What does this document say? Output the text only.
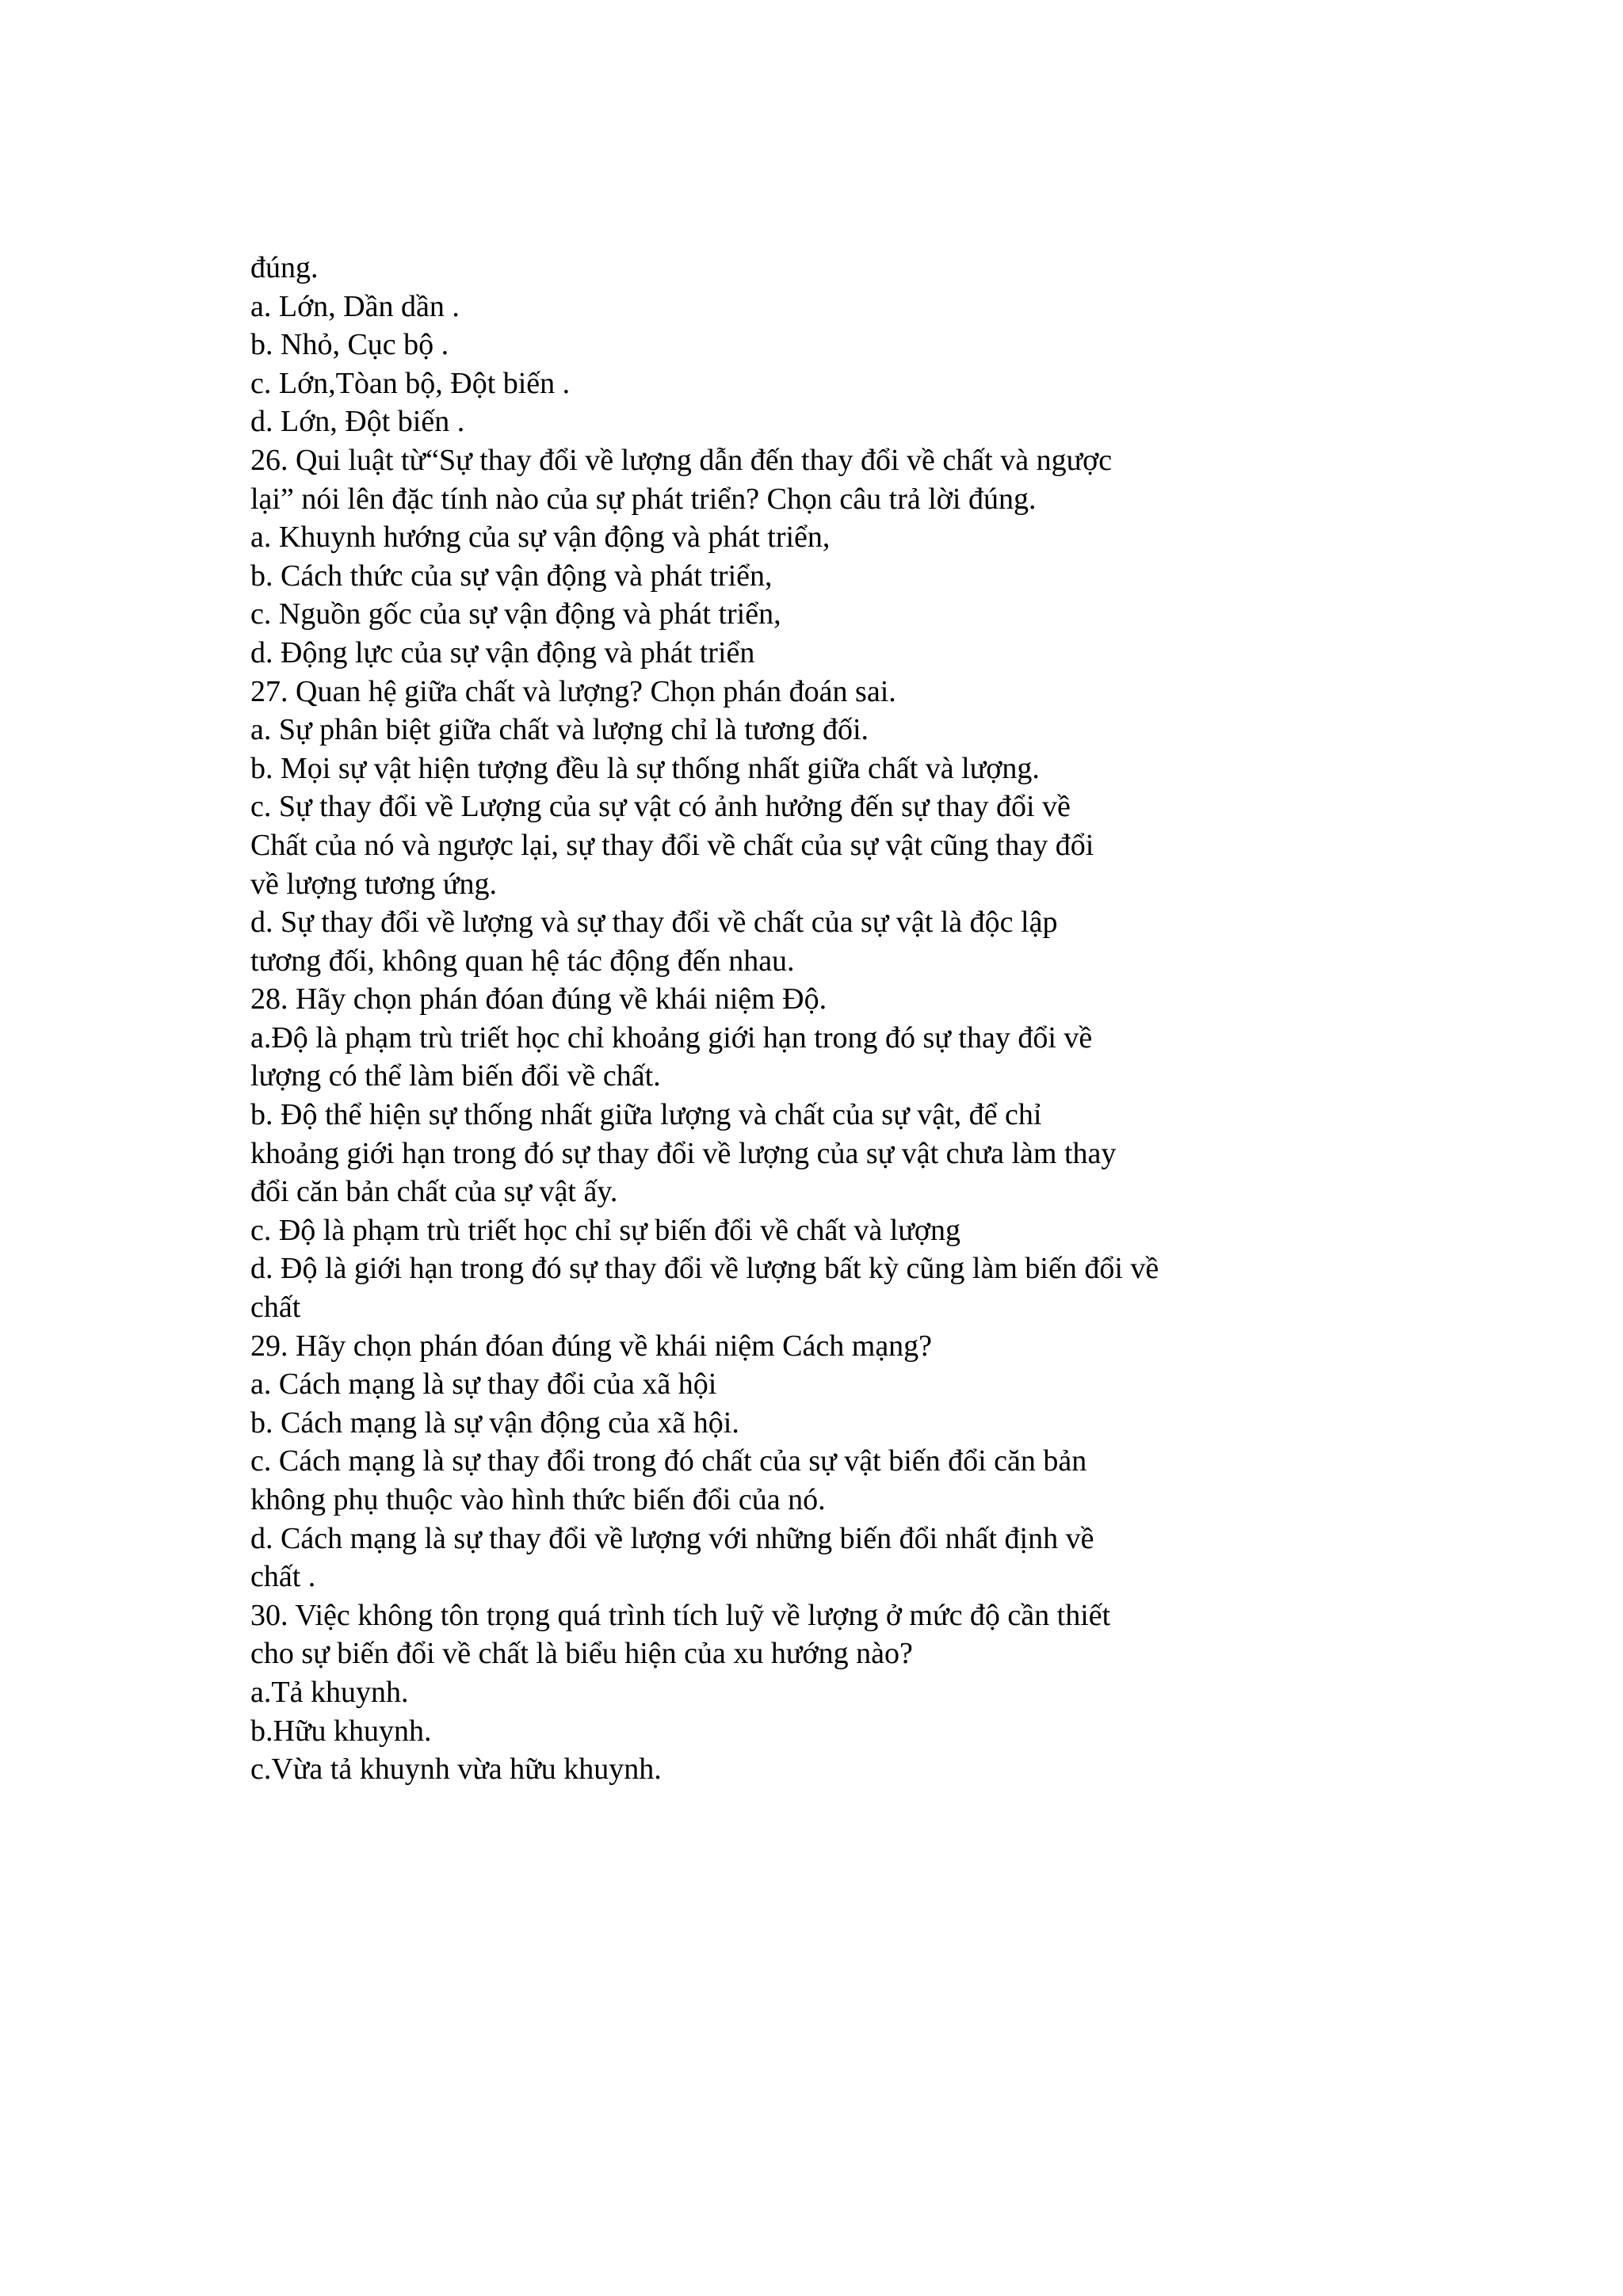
đúng.
a. Lớn, Dần dần .
b. Nhỏ, Cục bộ .
c. Lớn,Tòan bộ, Đột biến .
d. Lớn, Đột biến .
26. Qui luật từ“Sự thay đổi về lượng dẫn đến thay đổi về chất và ngược
lại” nói lên đặc tính nào của sự phát triển? Chọn câu trả lời đúng.
a. Khuynh hướng của sự vận động và phát triển,
b. Cách thức của sự vận động và phát triển,
c. Nguồn gốc của sự vận động và phát triển,
d. Động lực của sự vận động và phát triển
27. Quan hệ giữa chất và lượng? Chọn phán đoán sai.
a. Sự phân biệt giữa chất và lượng chỉ là tương đối.
b. Mọi sự vật hiện tượng đều là sự thống nhất giữa chất và lượng.
c. Sự thay đổi về Lượng của sự vật có ảnh hưởng đến sự thay đổi về
Chất của nó và ngược lại, sự thay đổi về chất của sự vật cũng thay đổi
về lượng tương ứng.
d. Sự thay đổi về lượng và sự thay đổi về chất của sự vật là độc lập
tương đối, không quan hệ tác động đến nhau.
28. Hãy chọn phán đóan đúng về khái niệm Độ.
a.Độ là phạm trù triết học chỉ khoảng giới hạn trong đó sự thay đổi về
lượng có thể làm biến đổi về chất.
b. Độ thể hiện sự thống nhất giữa lượng và chất của sự vật, để chỉ
khoảng giới hạn trong đó sự thay đổi về lượng của sự vật chưa làm thay
đổi căn bản chất của sự vật ấy.
c. Độ là phạm trù triết học chỉ sự biến đổi về chất và lượng
d. Độ là giới hạn trong đó sự thay đổi về lượng bất kỳ cũng làm biến đổi về
chất
29. Hãy chọn phán đóan đúng về khái niệm Cách mạng?
a. Cách mạng là sự thay đổi của xã hội
b. Cách mạng là sự vận động của xã hội.
c. Cách mạng là sự thay đổi trong đó chất của sự vật biến đổi căn bản
không phụ thuộc vào hình thức biến đổi của nó.
d. Cách mạng là sự thay đổi về lượng với những biến đổi nhất định về
chất .
30. Việc không tôn trọng quá trình tích luỹ về lượng ở mức độ cần thiết
cho sự biến đổi về chất là biểu hiện của xu hướng nào?
a.Tả khuynh.
b.Hữu khuynh.
c.Vừa tả khuynh vừa hữu khuynh.
